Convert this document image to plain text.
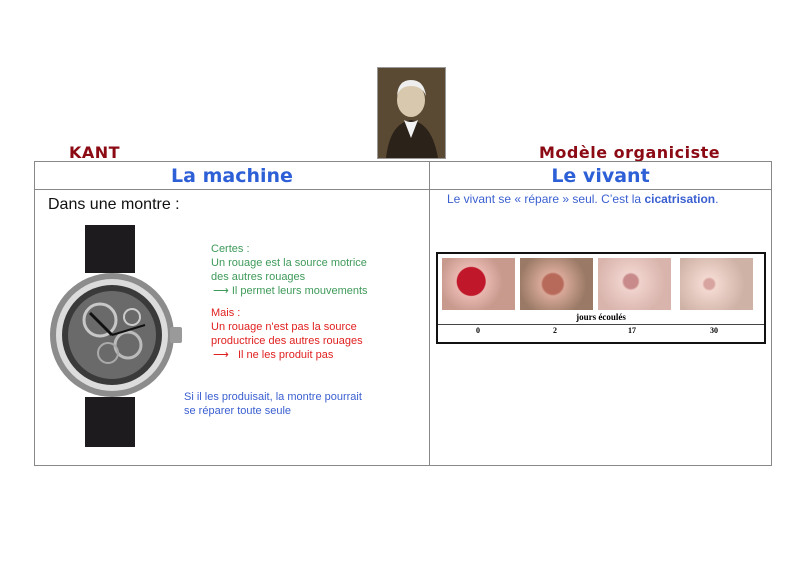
KANT	Modèle organiciste
La machine	Le vivant
Dans une montre :
Certes :
Un rouage est la source motrice
des autres rouages
⟶ Il permet leurs mouvements
Mais :
Un rouage n'est pas la source
productrice des autres rouages
⟶ Il ne les produit pas
Si il les produisait, la montre pourrait
se réparer toute seule
Le vivant se « répare » seul. C’est la cicatrisation.
jours écoulés
0	2	17	30
